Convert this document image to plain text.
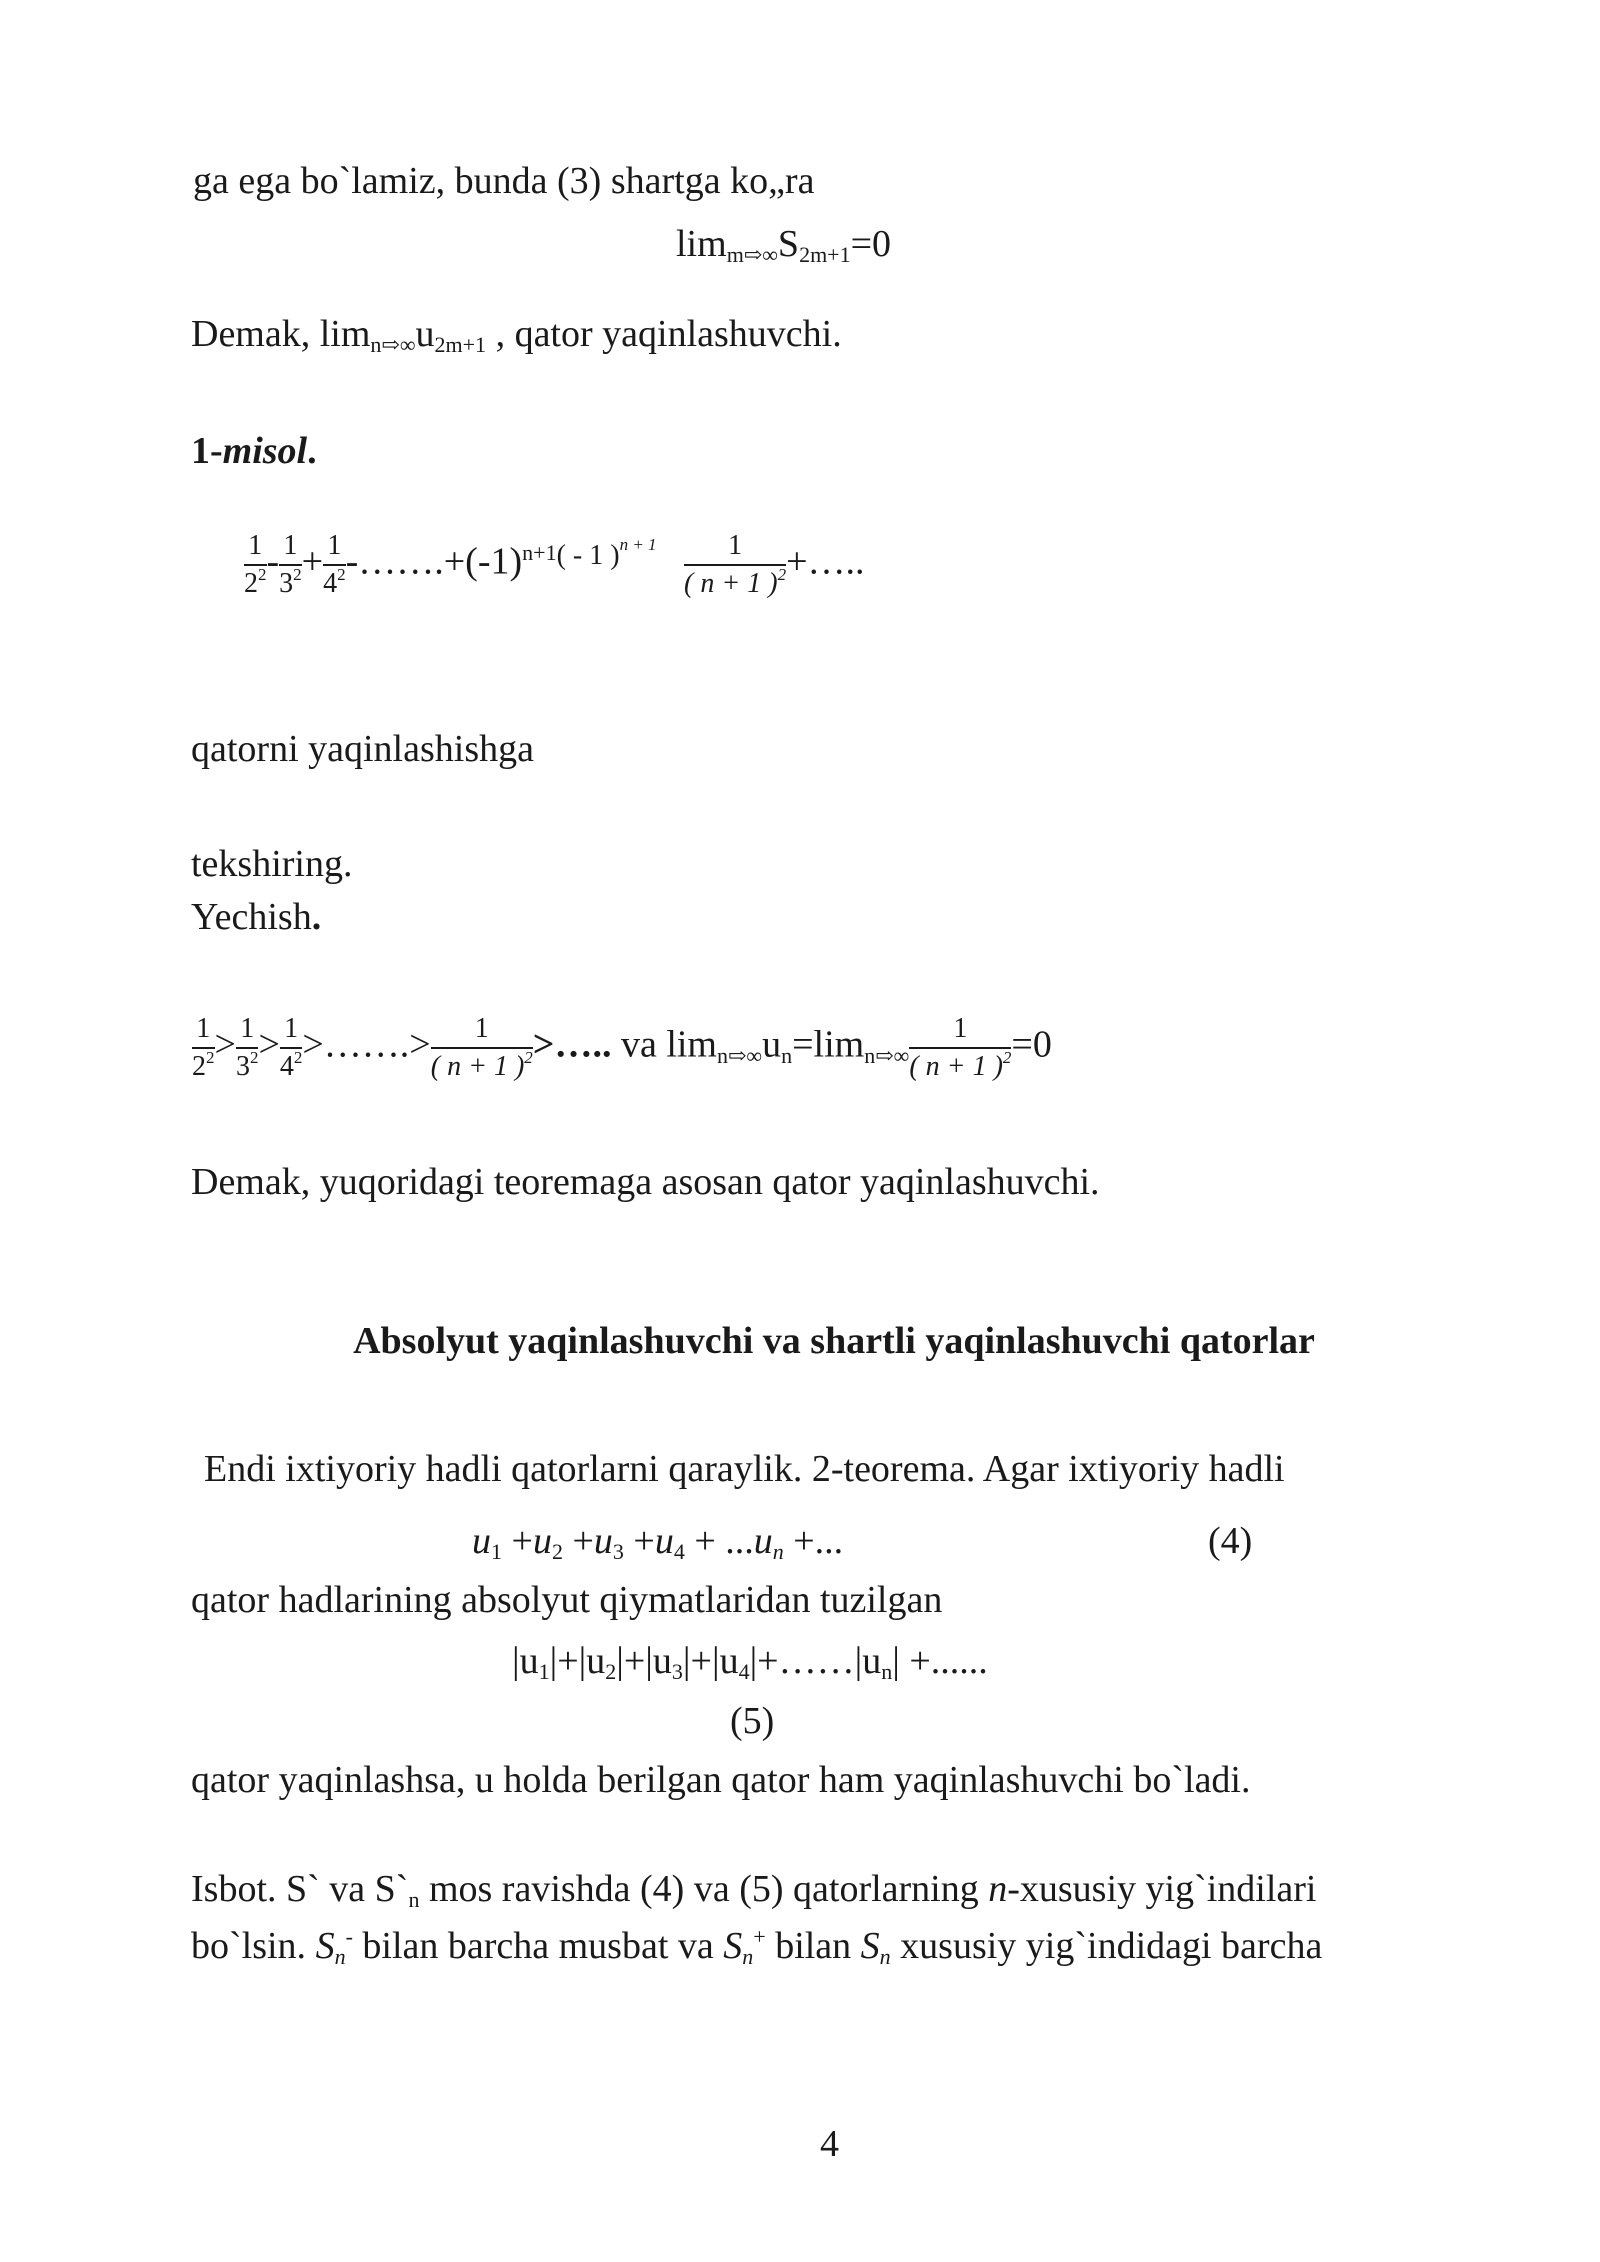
ga ega bo`lamiz, bunda (3) shartga ko„ra
limm⇨∞S2m+1=0
Demak, limn⇨∞u2m+1 , qator yaqinlashuvchi.
1-misol.
$\frac{1}{2^2} - \frac{1}{3^2} + \frac{1}{4^2}$ $-\dots\dots.+(-1)^{n+1( - 1 )n + 1} \frac{1}{( n + 1 )^2}$ +…..
qatorni yaqinlashishga
tekshiring.
Yechish.
$\frac{1}{2^2} > \frac{1}{3^2} > \frac{1}{4^2}$ >…….> $\frac{1}{( n + 1 )^2}$ >….. va limn⇨∞un=limn⇨∞ $\frac{1}{( n + 1 )^2} =0$
Demak, yuqoridagi teoremaga asosan qator yaqinlashuvchi.
Absolyut yaqinlashuvchi va shartli yaqinlashuvchi qatorlar
Endi ixtiyoriy hadli qatorlarni qaraylik. 2-teorema. Agar ixtiyoriy hadli
u1 +u2 +u3 +u4 + ...un +...	(4)
qator hadlarining absolyut qiymatlaridan tuzilgan
|u1|+|u2|+|u3|+|u4|+……|un| +......
(5)
qator yaqinlashsa, u holda berilgan qator ham yaqinlashuvchi bo`ladi.
Isbot. S` va S`n mos ravishda (4) va (5) qatorlarning n-xususiy yig`indilari
bo`lsin. Sn- bilan barcha musbat va Sn+ bilan Sn xususiy yig`indidagi barcha
4
